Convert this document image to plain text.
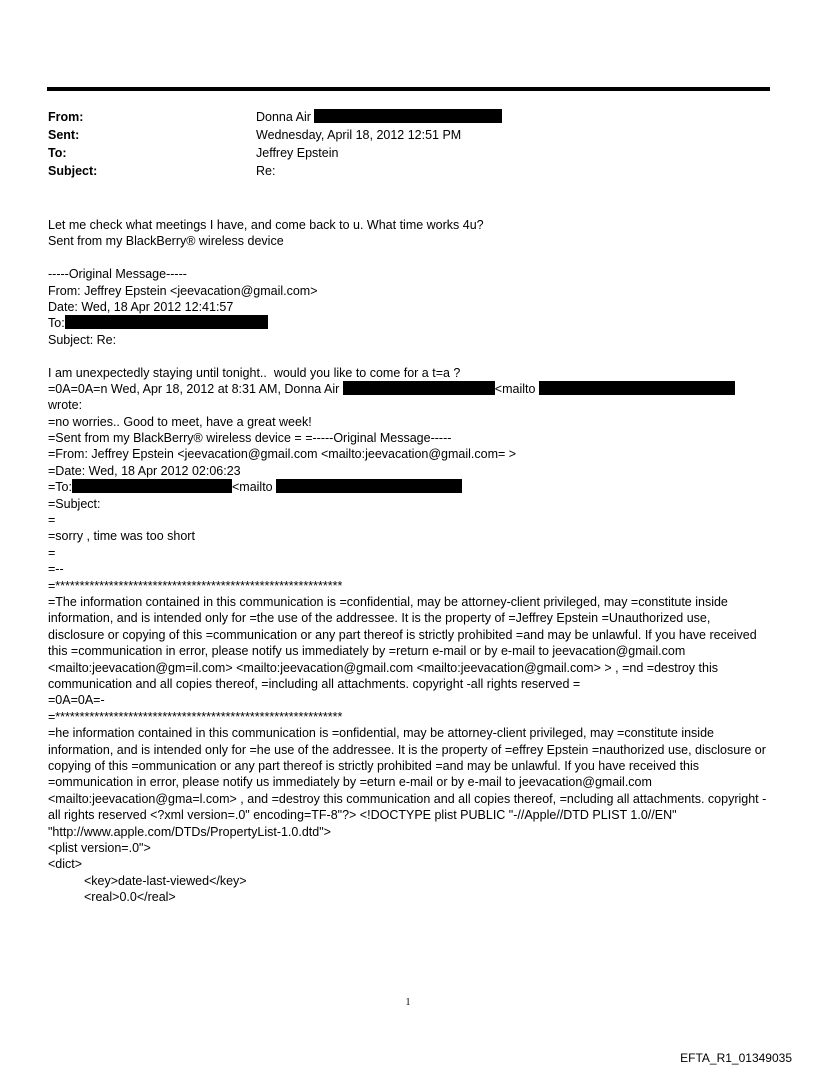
From:	Donna Air
Sent:	Wednesday, April 18, 2012 12:51 PM
To:	Jeffrey Epstein
Subject:	Re:
Let me check what meetings I have, and come back to u. What time works 4u?
Sent from my BlackBerry® wireless device
-----Original Message-----
From: Jeffrey Epstein <jeevacation@gmail.com>
Date: Wed, 18 Apr 2012 12:41:57
To:
Subject: Re:
I am unexpectedly staying until tonight..  would you like to come for a t=a ?
=0A=0A=n Wed, Apr 18, 2012 at 8:31 AM, Donna Air	<mailto
wrote:
=no worries.. Good to meet, have a great week!
=Sent from my BlackBerry® wireless device = =-----Original Message-----
=From: Jeffrey Epstein <jeevacation@gmail.com <mailto:jeevacation@gmail.com= >
=Date: Wed, 18 Apr 2012 02:06:23
=To:	<mailto
=Subject:
=
=sorry , time was too short
=
=--
=***********************************************************
=The information contained in this communication is =confidential, may be attorney-client privileged, may =constitute inside information, and is intended only for =the use of the addressee. It is the property of =Jeffrey Epstein =Unauthorized use, disclosure or copying of this =communication or any part thereof is strictly prohibited =and may be unlawful. If you have received this =communication in error, please notify us immediately by =return e-mail or by e-mail to jeevacation@gmail.com <mailto:jeevacation@gm=il.com> <mailto:jeevacation@gmail.com <mailto:jeevacation@gmail.com> > , =nd =destroy this communication and all copies thereof, =including all attachments. copyright -all rights reserved =
=0A=0A=-
=***********************************************************
=he information contained in this communication is =onfidential, may be attorney-client privileged, may =constitute inside information, and is intended only for =he use of the addressee. It is the property of =effrey Epstein =nauthorized use, disclosure or copying of this =ommunication or any part thereof is strictly prohibited =and may be unlawful. If you have received this =ommunication in error, please notify us immediately by =eturn e-mail or by e-mail to jeevacation@gmail.com <mailto:jeevacation@gma=l.com> , and =destroy this communication and all copies thereof, =ncluding all attachments. copyright -all rights reserved <?xml version=.0" encoding=TF-8"?> <!DOCTYPE plist PUBLIC "-//Apple//DTD PLIST 1.0//EN" "http://www.apple.com/DTDs/PropertyList-1.0.dtd">
<plist version=.0">
<dict>
<key>date-last-viewed</key>
<real>0.0</real>
1
EFTA_R1_01349035
